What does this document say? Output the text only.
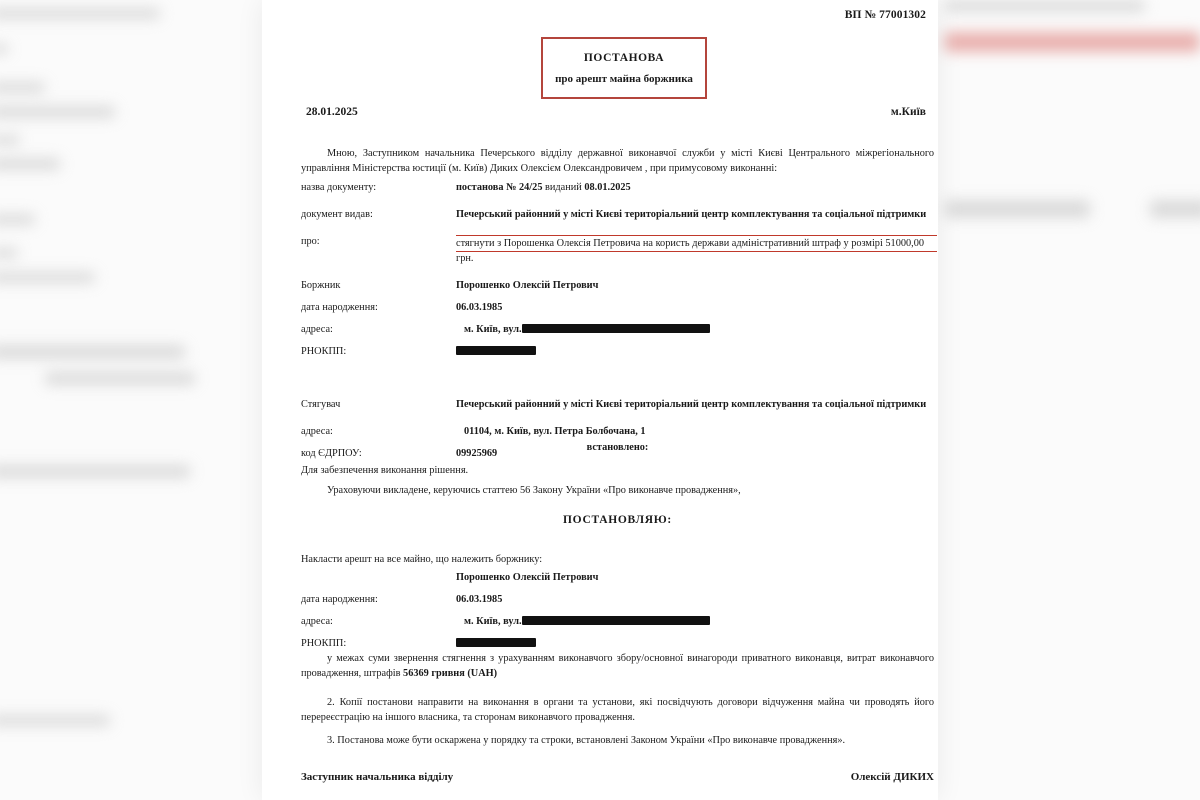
ВП № 77001302
ПОСТАНОВА
про арешт майна боржника
28.01.2025	м.Київ
Мною, Заступником начальника Печерського відділу державної виконавчої служби у місті Києві Центрального міжрегіонального управління Міністерства юстиції (м. Київ) Диких Олексієм Олександровичем , при примусовому виконанні:
назва документу:	постанова № 24/25 виданий 08.01.2025
документ видав:	Печерський районний у місті Києві територіальний центр комплектування та соціальної підтримки
про:	стягнути з Порошенка Олексія Петровича на користь держави адміністративний штраф у розмірі 51000,00
грн.
Боржник	Порошенко Олексій Петрович
дата народження:	06.03.1985
адреса:	м. Київ, вул.
РНОКПП:
Стягувач	Печерський районний у місті Києві територіальний центр комплектування та соціальної підтримки
адреса:	01104, м. Київ, вул. Петра Болбочана, 1
код ЄДРПОУ:	09925969
встановлено:
Для забезпечення виконання рішення.
Ураховуючи викладене, керуючись статтею 56 Закону України «Про виконавче провадження»,
ПОСТАНОВЛЯЮ:
Накласти арешт на все майно, що належить боржнику:
Порошенко Олексій Петрович
дата народження:	06.03.1985
адреса:	м. Київ, вул.
РНОКПП:
у межах суми звернення стягнення з урахуванням виконавчого збору/основної винагороди приватного виконавця, витрат виконавчого провадження, штрафів 56369 гривня (UAH)
2. Копії постанови направити на виконання в органи та установи, які посвідчують договори відчуження майна чи проводять його перереєстрацію на іншого власника, та сторонам виконавчого провадження.
3. Постанова може бути оскаржена у порядку та строки, встановлені Законом України «Про виконавче провадження».
Заступник начальника відділу	Олексій ДИКИХ
